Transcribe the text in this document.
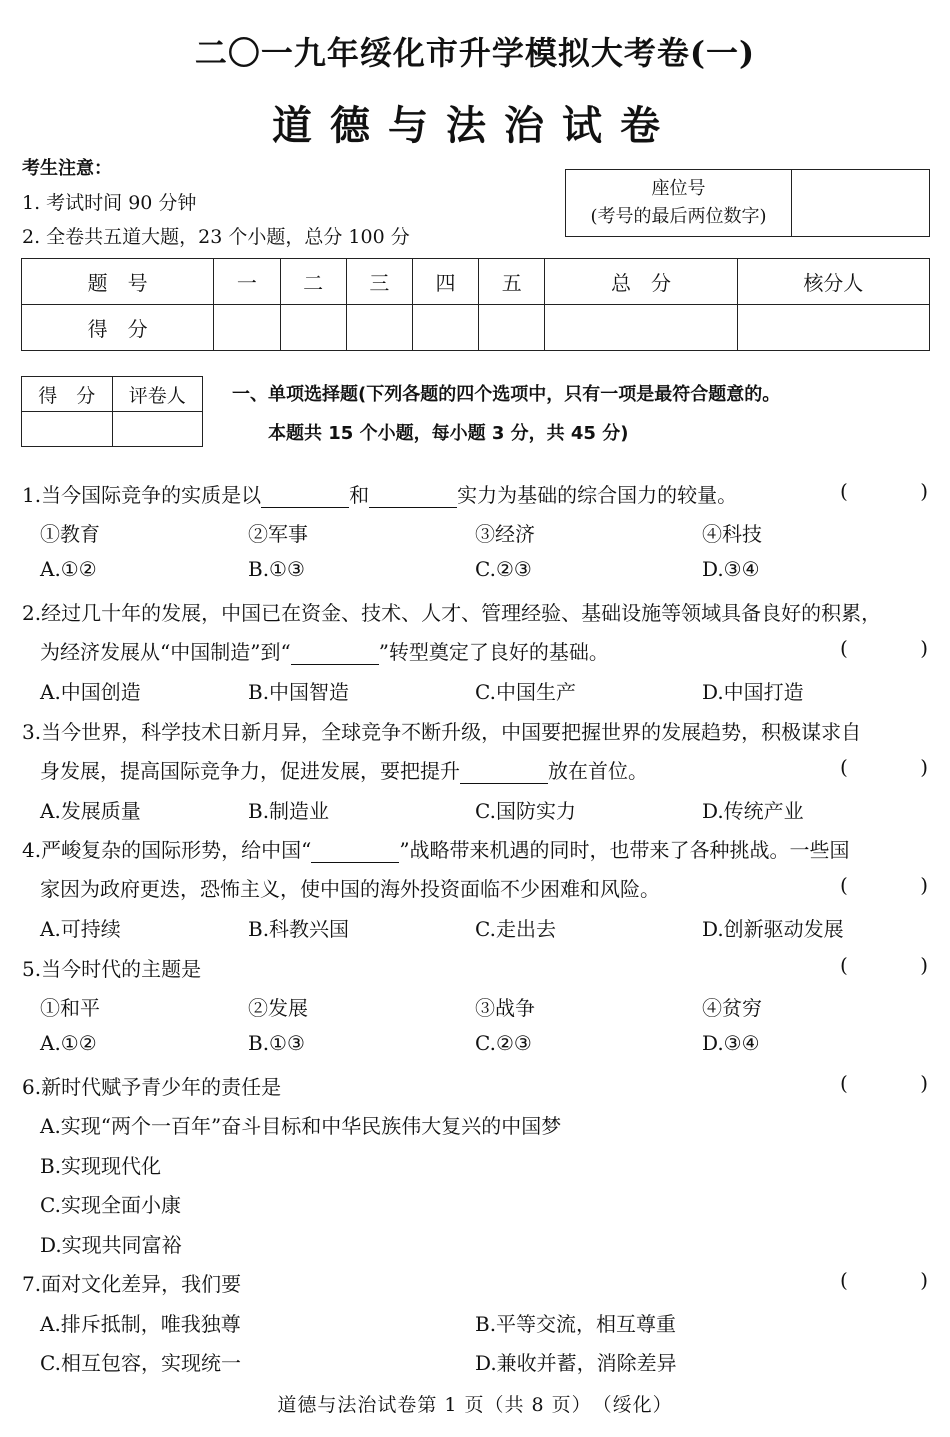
二〇一九年绥化市升学模拟大考卷(一)
道德与法治试卷
考生注意：
1. 考试时间 90 分钟
2. 全卷共五道大题，23 个小题，总分 100 分
座位号
(考号的最后两位数字)

题　号	一	二	三	四	五	总　分	核分人
得　分							
得　分	评卷人
		一、单项选择题(下列各题的四个选项中，只有一项是最符合题意的。
本题共 15 个小题，每小题 3 分，共 45 分)
1.当今国际竞争的实质是以	和	实力为基础的综合国力的较量。	(	)
①教育	②军事	③经济	④科技
A.①②	B.①③	C.②③	D.③④
2.经过几十年的发展，中国已在资金、技术、人才、管理经验、基础设施等领域具备良好的积累，
为经济发展从“中国制造”到“	”转型奠定了良好的基础。	(	)
A.中国创造	B.中国智造	C.中国生产	D.中国打造
3.当今世界，科学技术日新月异，全球竞争不断升级，中国要把握世界的发展趋势，积极谋求自
身发展，提高国际竞争力，促进发展，要把提升	放在首位。	(	)
A.发展质量	B.制造业	C.国防实力	D.传统产业
4.严峻复杂的国际形势，给中国“	”战略带来机遇的同时，也带来了各种挑战。一些国
家因为政府更迭，恐怖主义，使中国的海外投资面临不少困难和风险。	(	)
A.可持续	B.科教兴国	C.走出去	D.创新驱动发展
5.当今时代的主题是	(	)
①和平	②发展	③战争	④贫穷
A.①②	B.①③	C.②③	D.③④
6.新时代赋予青少年的责任是	(	)
A.实现“两个一百年”奋斗目标和中华民族伟大复兴的中国梦
B.实现现代化
C.实现全面小康
D.实现共同富裕
7.面对文化差异，我们要	(	)
A.排斥抵制，唯我独尊	B.平等交流，相互尊重
C.相互包容，实现统一	D.兼收并蓄，消除差异
道德与法治试卷第 1 页（共 8 页）　（绥化）
